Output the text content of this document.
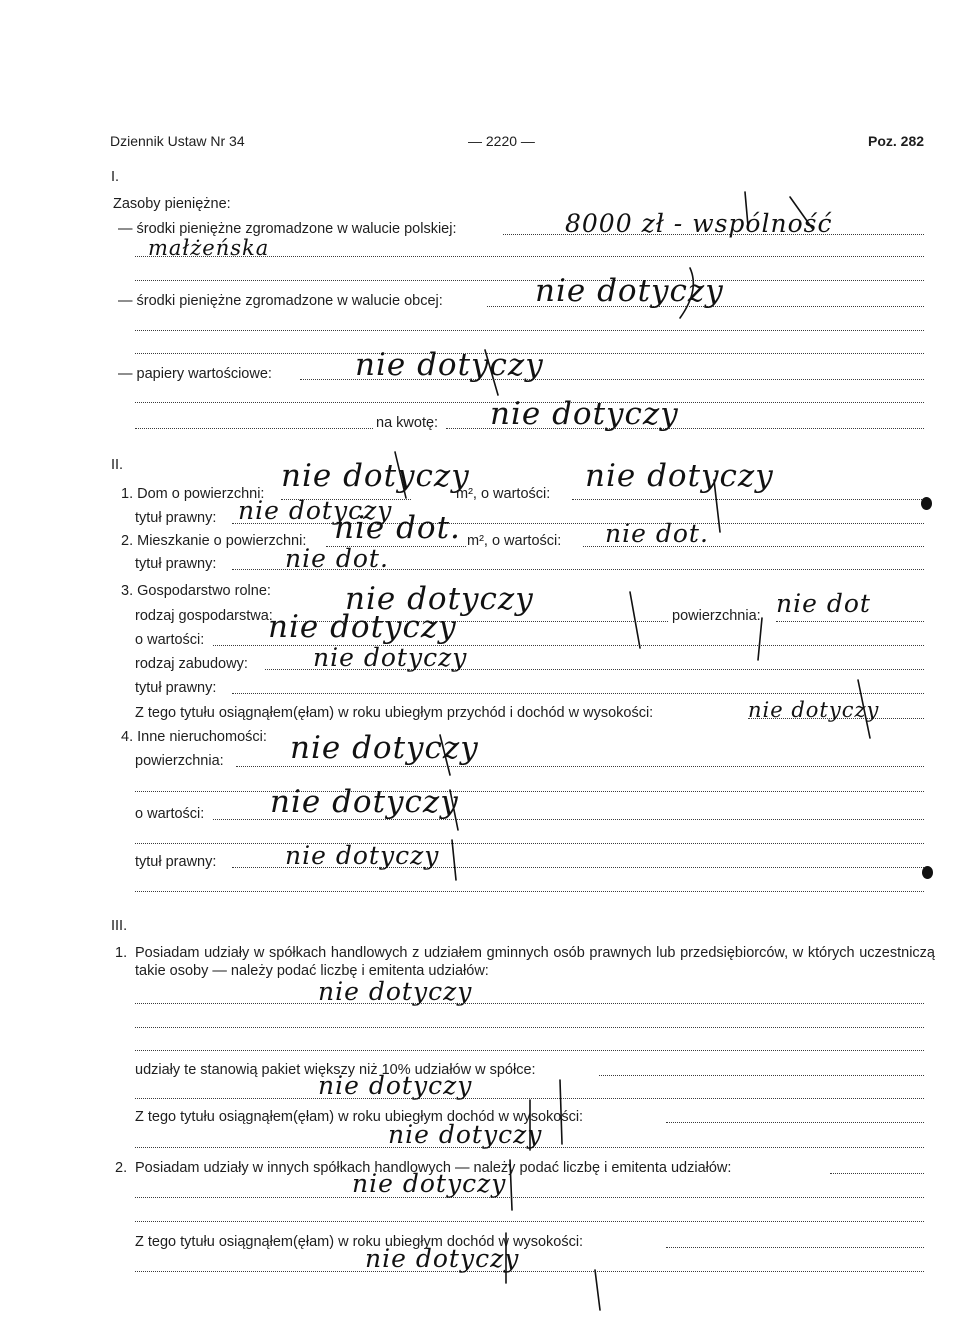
Dziennik Ustaw Nr 34	— 2220 —	Poz. 282
I.
Zasoby pieniężne:
— środki pieniężne zgromadzone w walucie polskiej:	8000 zł - wspólność
małżeńska
— środki pieniężne zgromadzone w walucie obcej:	nie dotyczy
— papiery wartościowe:	nie dotyczy
na kwotę: nie dotyczy
II.
1. Dom o powierzchni: nie dotyczy
m², o wartości: nie dotyczy
tytuł prawny: nie dotyczy
2. Mieszkanie o powierzchni: nie dot. m², o wartości: nie dot.
tytuł prawny:	nie dot.
3. Gospodarstwo rolne:
rodzaj gospodarstwa: nie dotyczy	powierzchnia: nie dot
o wartości: nie dotyczy
rodzaj zabudowy:	nie dotyczy
tytuł prawny:
Z tego tytułu osiągnąłem(ęłam) w roku ubiegłym przychód i dochód w wysokości:	nie dotyczy
4. Inne nieruchomości:
powierzchnia: nie dotyczy
o wartości: nie dotyczy
tytuł prawny:	nie dotyczy
III.
1. Posiadam udziały w spółkach handlowych z udziałem gminnych osób prawnych lub przedsiębiorców, w których uczestniczą takie osoby — należy podać liczbę i emitenta udziałów:
nie dotyczy
udziały te stanowią pakiet większy niż 10% udziałów w spółce:
nie dotyczy
Z tego tytułu osiągnąłem(ęłam) w roku ubiegłym dochód w wysokości:
nie dotyczy
2. Posiadam udziały w innych spółkach handlowych — należy podać liczbę i emitenta udziałów:
nie dotyczy
Z tego tytułu osiągnąłem(ęłam) w roku ubiegłym dochód w wysokości:
nie dotyczy
